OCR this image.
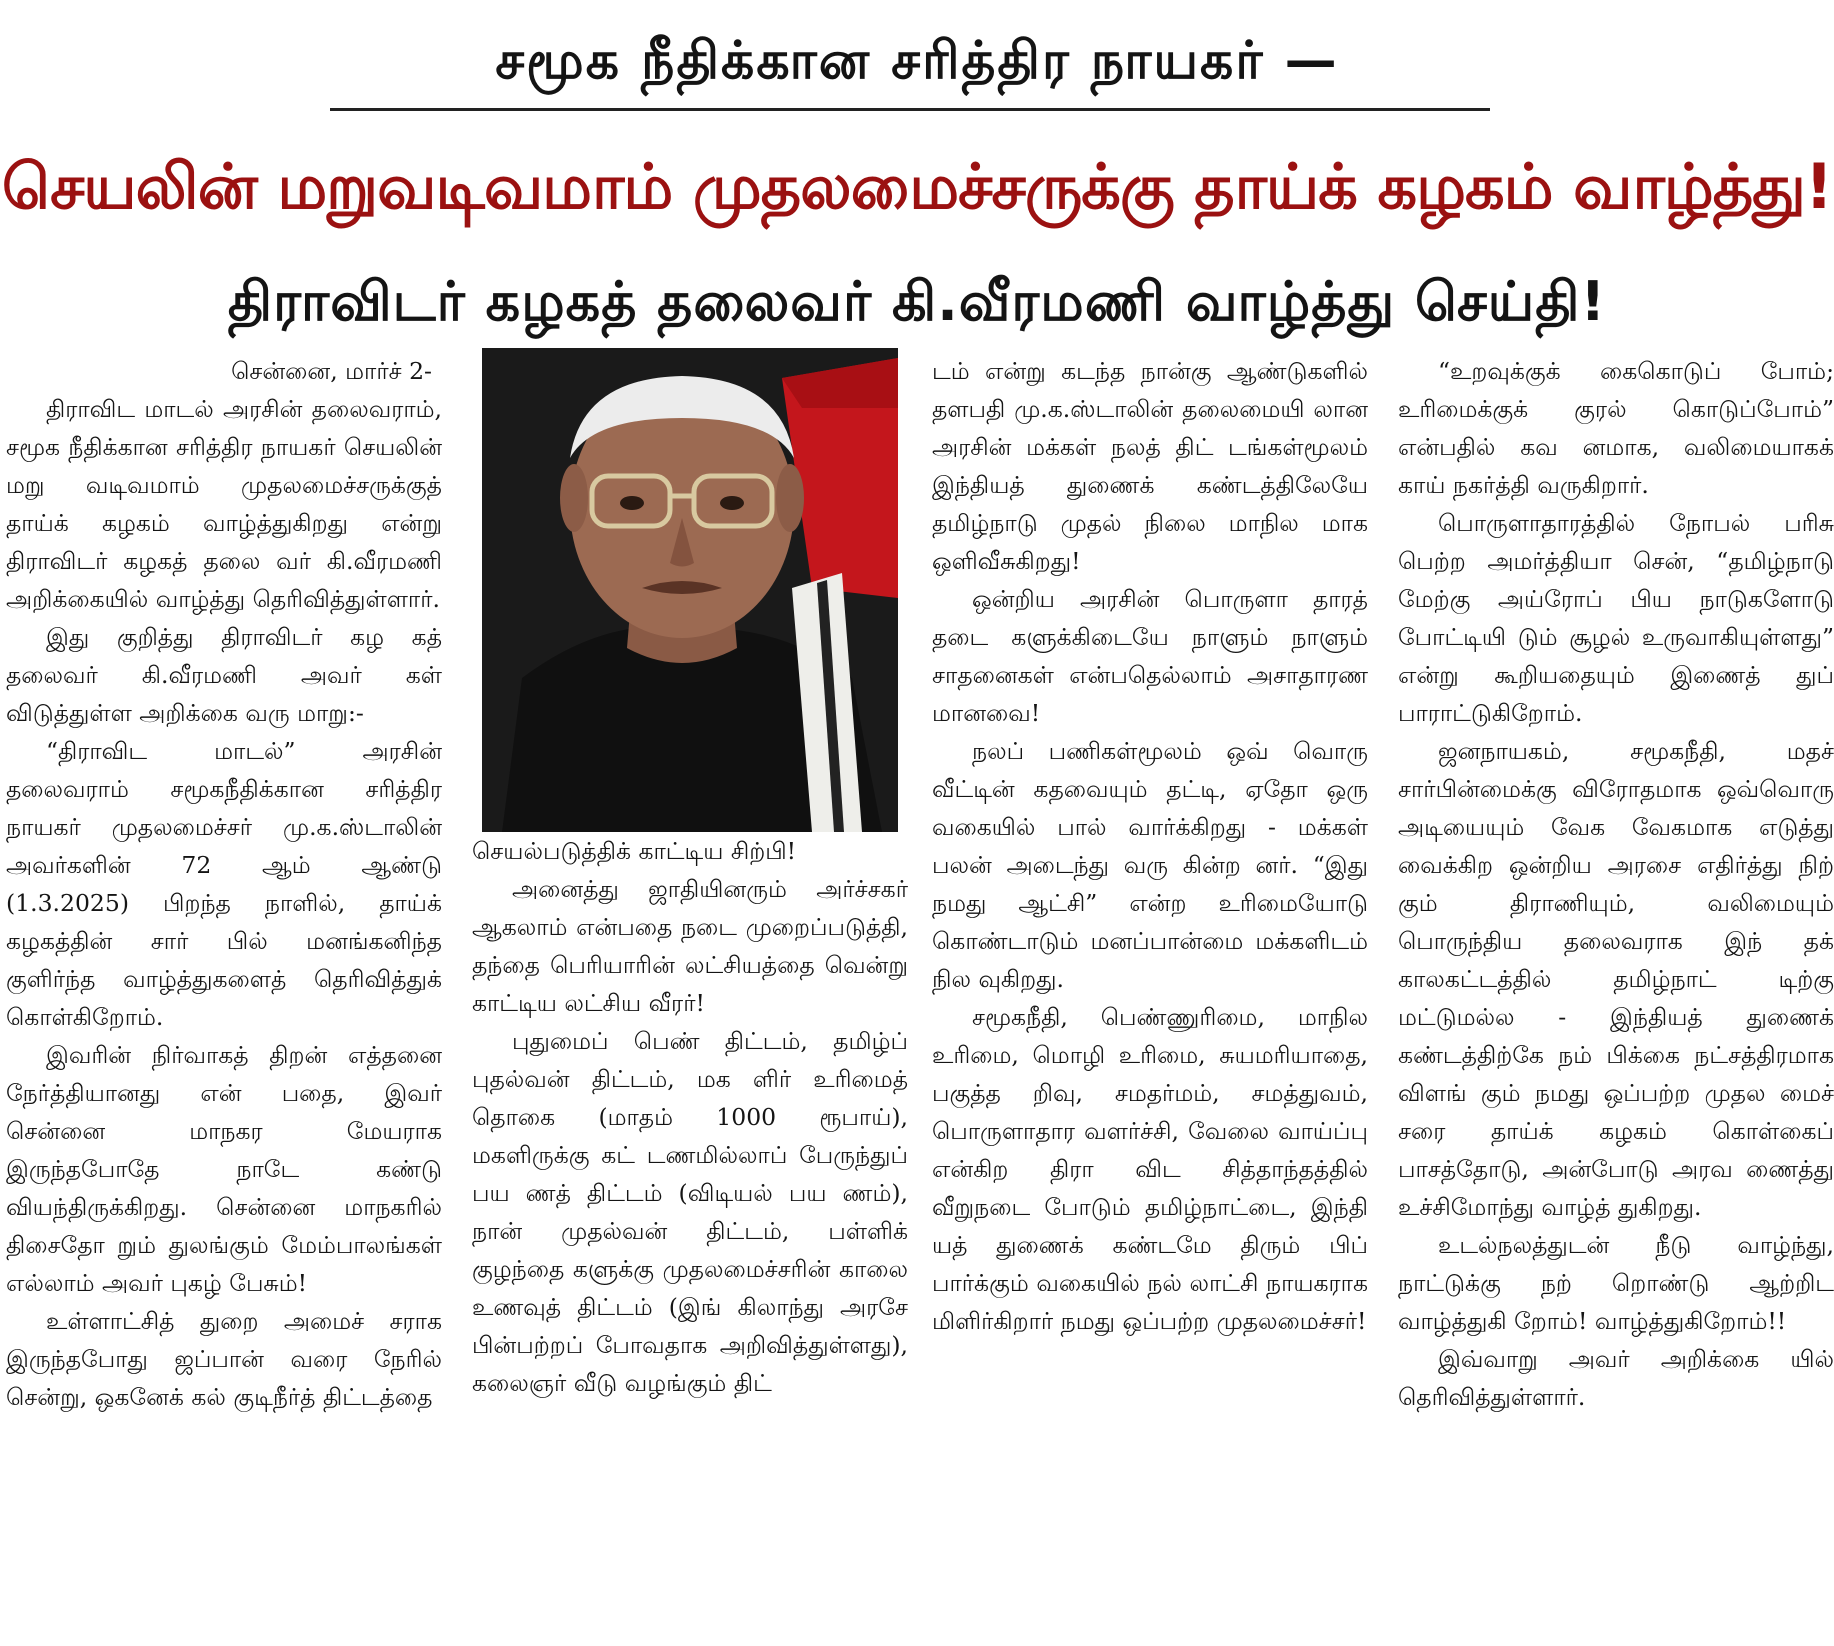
சமூக நீதிக்கான சரித்திர நாயகர் —
செயலின் மறுவடிவமாம் முதலமைச்சருக்கு தாய்க் கழகம் வாழ்த்து!
திராவிடர் கழகத் தலைவர் கி.வீரமணி வாழ்த்து செய்தி!

சென்னை, மார்ச் 2-

திராவிட மாடல் அரசின் தலைவராம், சமூக நீதிக்கான சரித்திர நாயகர் செயலின் மறு வடிவமாம் முதலமைச்சருக்குத் தாய்க் கழகம் வாழ்த்துகிறது என்று திராவிடர் கழகத் தலை வர் கி.வீரமணி அறிக்கையில் வாழ்த்து தெரிவித்துள்ளார்.

இது குறித்து திராவிடர் கழ கத் தலைவர் கி.வீரமணி அவர் கள் விடுத்துள்ள அறிக்கை வரு மாறு:-

“திராவிட மாடல்” அரசின் தலைவராம் சமூகநீதிக்கான சரித்திர நாயகர் முதலமைச்சர் மு.க.ஸ்டாலின் அவர்களின் 72 ஆம் ஆண்டு (1.3.2025) பிறந்த நாளில், தாய்க் கழகத்தின் சார் பில் மனங்கனிந்த குளிர்ந்த வாழ்த்துகளைத் தெரிவித்துக் கொள்கிறோம்.

இவரின் நிர்வாகத் திறன் எத்தனை நேர்த்தியானது என் பதை, இவர் சென்னை மாநகர மேயராக இருந்தபோதே நாடே கண்டு வியந்திருக்கிறது. சென்னை மாநகரில் திசைதோ றும் துலங்கும் மேம்பாலங்கள் எல்லாம் அவர் புகழ் பேசும்!

உள்ளாட்சித் துறை அமைச் சராக இருந்தபோது ஜப்பான் வரை நேரில் சென்று, ஒகனேக் கல் குடிநீர்த் திட்டத்தை

செயல்படுத்திக் காட்டிய சிற்பி!

அனைத்து ஜாதியினரும் அர்ச்சகர் ஆகலாம் என்பதை நடை முறைப்படுத்தி, தந்தை பெரியாரின் லட்சியத்தை வென்று காட்டிய லட்சிய வீரர்!

புதுமைப் பெண் திட்டம், தமிழ்ப் புதல்வன் திட்டம், மக ளிர் உரிமைத் தொகை (மாதம் 1000 ரூபாய்), மகளிருக்கு கட் டணமில்லாப் பேருந்துப் பய ணத் திட்டம் (விடியல் பய ணம்), நான் முதல்வன் திட்டம், பள்ளிக் குழந்தை களுக்கு முதலமைச்சரின் காலை உணவுத் திட்டம் (இங் கிலாந்து அரசே பின்பற்றப் போவதாக அறிவித்துள்ளது), கலைஞர் வீடு வழங்கும் திட்

டம் என்று கடந்த நான்கு ஆண்டுகளில் தளபதி மு.க.ஸ்டாலின் தலைமையி லான அரசின் மக்கள் நலத் திட் டங்கள்மூலம் இந்தியத் துணைக் கண்டத்திலேயே தமிழ்நாடு முதல் நிலை மாநில மாக ஒளிவீசுகிறது!

ஒன்றிய அரசின் பொருளா தாரத் தடை களுக்கிடையே நாளும் நாளும் சாதனைகள் என்பதெல்லாம் அசாதாரண மானவை!

நலப் பணிகள்மூலம் ஒவ் வொரு வீட்டின் கதவையும் தட்டி, ஏதோ ஒரு வகையில் பால் வார்க்கிறது - மக்கள் பலன் அடைந்து வரு கின்ற னர். “இது நமது ஆட்சி” என்ற உரிமையோடு கொண்டாடும் மனப்பான்மை மக்களிடம் நில வுகிறது.

சமூகநீதி, பெண்ணுரிமை, மாநில உரிமை, மொழி உரிமை, சுயமரியாதை, பகுத்த றிவு, சமதர்மம், சமத்துவம், பொருளாதார வளர்ச்சி, வேலை வாய்ப்பு என்கிற திரா விட சித்தாந்தத்தில் வீறுநடை போடும் தமிழ்நாட்டை, இந்தி யத் துணைக் கண்டமே திரும் பிப் பார்க்கும் வகையில் நல் லாட்சி நாயகராக மிளிர்கிறார் நமது ஒப்பற்ற முதலமைச்சர்!

“உறவுக்குக் கைகொடுப் போம்; உரிமைக்குக் குரல் கொடுப்போம்” என்பதில் கவ னமாக, வலிமையாகக் காய் நகர்த்தி வருகிறார்.

பொருளாதாரத்தில் நோபல் பரிசு பெற்ற அமர்த்தியா சென், “தமிழ்நாடு மேற்கு அய்ரோப் பிய நாடுகளோடு போட்டியி டும் சூழல் உருவாகியுள்ளது” என்று கூறியதையும் இணைத் துப் பாராட்டுகிறோம்.

ஜனநாயகம், சமூகநீதி, மதச் சார்பின்மைக்கு விரோதமாக ஒவ்வொரு அடியையும் வேக வேகமாக எடுத்து வைக்கிற ஒன்றிய அரசை எதிர்த்து நிற் கும் திராணியும், வலிமையும் பொருந்திய தலைவராக இந் தக் காலகட்டத்தில் தமிழ்நாட் டிற்கு மட்டுமல்ல - இந்தியத் துணைக் கண்டத்திற்கே நம் பிக்கை நட்சத்திரமாக விளங் கும் நமது ஒப்பற்ற முதல மைச் சரை தாய்க் கழகம் கொள்கைப் பாசத்தோடு, அன்போடு அரவ ணைத்து உச்சிமோந்து வாழ்த் துகிறது.

உடல்நலத்துடன் நீடு வாழ்ந்து, நாட்டுக்கு நற் றொண்டு ஆற்றிட வாழ்த்துகி றோம்! வாழ்த்துகிறோம்!!

இவ்வாறு அவர் அறிக்கை யில் தெரிவித்துள்ளார்.
